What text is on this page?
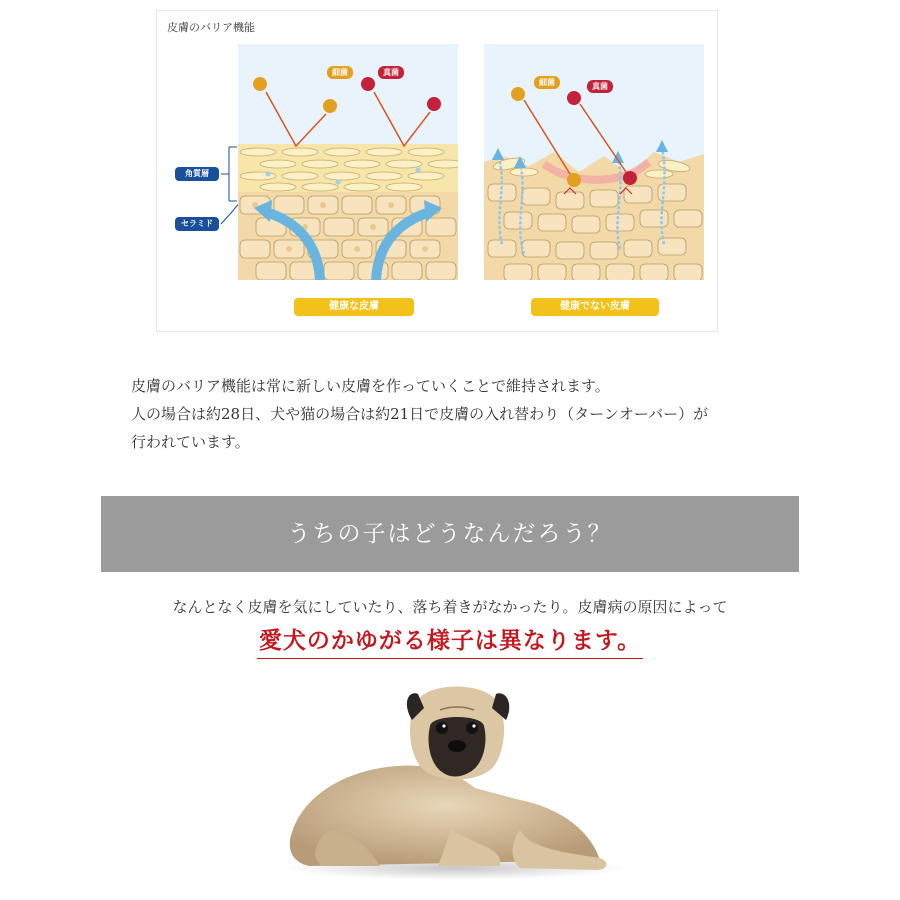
皮膚のバリア機能
角質層
セラミド
細菌	真菌
細菌	真菌
健康な皮膚	健康でない皮膚

皮膚のバリア機能は常に新しい皮膚を作っていくことで維持されます。

人の場合は約28日、犬や猫の場合は約21日で皮膚の入れ替わり（ターンオーバー）が

行われています。

うちの子はどうなんだろう？
なんとなく皮膚を気にしていたり、落ち着きがなかったり。皮膚病の原因によって
愛犬のかゆがる様子は異なります。
